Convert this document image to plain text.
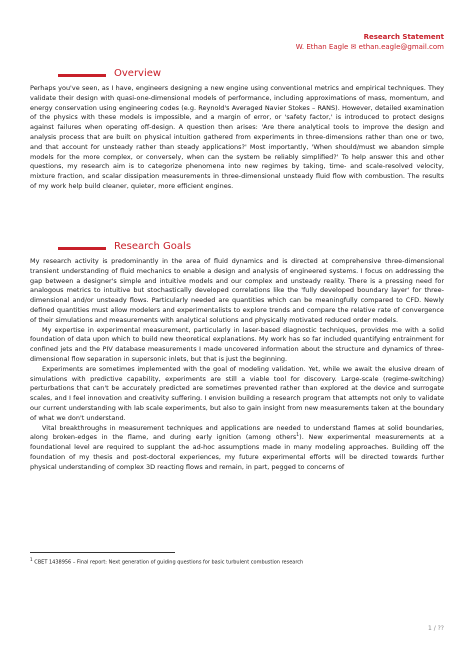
Research Statement
W. Ethan Eagle ✉ ethan.eagle@gmail.com
Overview

Perhaps you've seen, as I have, engineers designing a new engine using conventional metrics and empirical techniques. They validate their design with quasi-one-dimensional models of performance, including approximations of mass, momentum, and energy conservation using engineering codes (e.g. Reynold's Averaged Navier Stokes – RANS). However, detailed examination of the physics with these models is impossible, and a margin of error, or 'safety factor,' is introduced to protect designs against failures when operating off-design. A question then arises: 'Are there analytical tools to improve the design and analysis process that are built on physical intuition gathered from experiments in three-dimensions rather than one or two, and that account for unsteady rather than steady applications?' Most importantly, 'When should/must we abandon simple models for the more complex, or conversely, when can the system be reliably simplified?' To help answer this and other questions, my research aim is to categorize phenomena into new regimes by taking, time- and scale-resolved velocity, mixture fraction, and scalar dissipation measurements in three-dimensional unsteady fluid flow with combustion. The results of my work help build cleaner, quieter, more efficient engines.

Research Goals

My research activity is predominantly in the area of fluid dynamics and is directed at comprehensive three-dimensional transient understanding of fluid mechanics to enable a design and analysis of engineered systems. I focus on addressing the gap between a designer's simple and intuitive models and our complex and unsteady reality. There is a pressing need for analogous metrics to intuitive but stochastically developed correlations like the 'fully developed boundary layer' for three-dimensional and/or unsteady flows. Particularly needed are quantities which can be meaningfully compared to CFD. Newly defined quantities must allow modelers and experimentalists to explore trends and compare the relative rate of convergence of their simulations and measurements with analytical solutions and physically motivated reduced order models.

My expertise in experimental measurement, particularly in laser-based diagnostic techniques, provides me with a solid foundation of data upon which to build new theoretical explanations. My work has so far included quantifying entrainment for confined jets and the PIV database measurements I made uncovered information about the structure and dynamics of three-dimensional flow separation in supersonic inlets, but that is just the beginning.

Experiments are sometimes implemented with the goal of modeling validation. Yet, while we await the elusive dream of simulations with predictive capability, experiments are still a viable tool for discovery. Large-scale (regime-switching) perturbations that can't be accurately predicted are sometimes prevented rather than explored at the device and surrogate scales, and I feel innovation and creativity suffering. I envision building a research program that attempts not only to validate our current understanding with lab scale experiments, but also to gain insight from new measurements taken at the boundary of what we don't understand.

Vital breakthroughs in measurement techniques and applications are needed to understand flames at solid boundaries, along broken-edges in the flame, and during early ignition (among others$^1$). New experimental measurements at a foundational level are required to supplant the ad-hoc assumptions made in many modeling approaches. Building off the foundation of my thesis and post-doctoral experiences, my future experimental efforts will be directed towards further physical understanding of complex 3D reacting flows and remain, in part, pegged to concerns of

$^1$ CBET 1438956 – Final report: Next generation of guiding questions for basic turbulent combustion research
1 / ??
